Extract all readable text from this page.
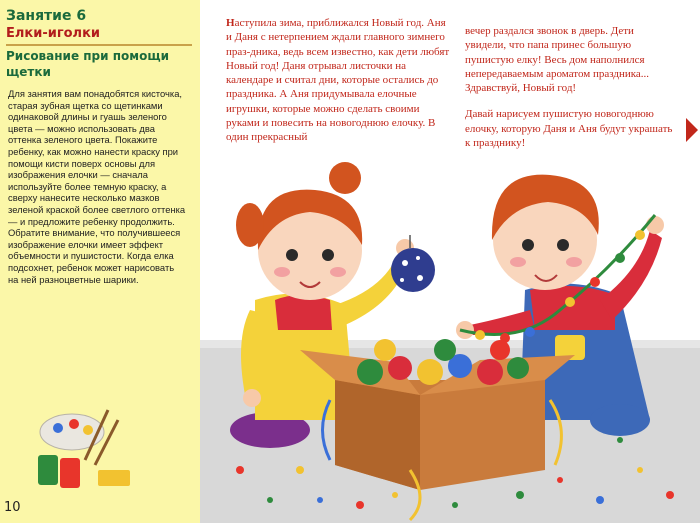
Занятие 6
Елки-иголки
Рисование при помощи щетки
Для занятия вам понадобятся кисточка, старая зубная щетка со щетинками одинаковой длины и гуашь зеленого цвета — можно использовать два оттенка зеленого цвета. Покажите ребенку, как можно нанести краску при помощи кисти поверх основы для изображения елочки — сначала используйте более темную краску, а сверху нанесите несколько мазков зеленой краской более светлого оттенка — и предложите ребенку продолжить. Обратите внимание, что получившееся изображение елочки имеет эффект объемности и пушистости. Когда елка подсохнет, ребенок может нарисовать на ней разноцветные шарики.
10
Наступила зима, приближался Новый год. Аня и Даня с нетерпением ждали главного зимнего праз-дника, ведь всем известно, как дети любят Новый год! Даня отрывал листочки на календаре и считал дни, которые остались до праздника. А Аня придумывала елочные игрушки, которые можно сделать своими руками и повесить на новогоднюю елочку. В один прекрасный

вечер раздался звонок в дверь. Дети увидели, что папа принес большую пушистую елку! Весь дом наполнился непередаваемым ароматом праздника... Здравствуй, Новый год!

Давай нарисуем пушистую новогоднюю елочку, которую Даня и Аня будут украшать к празднику!
